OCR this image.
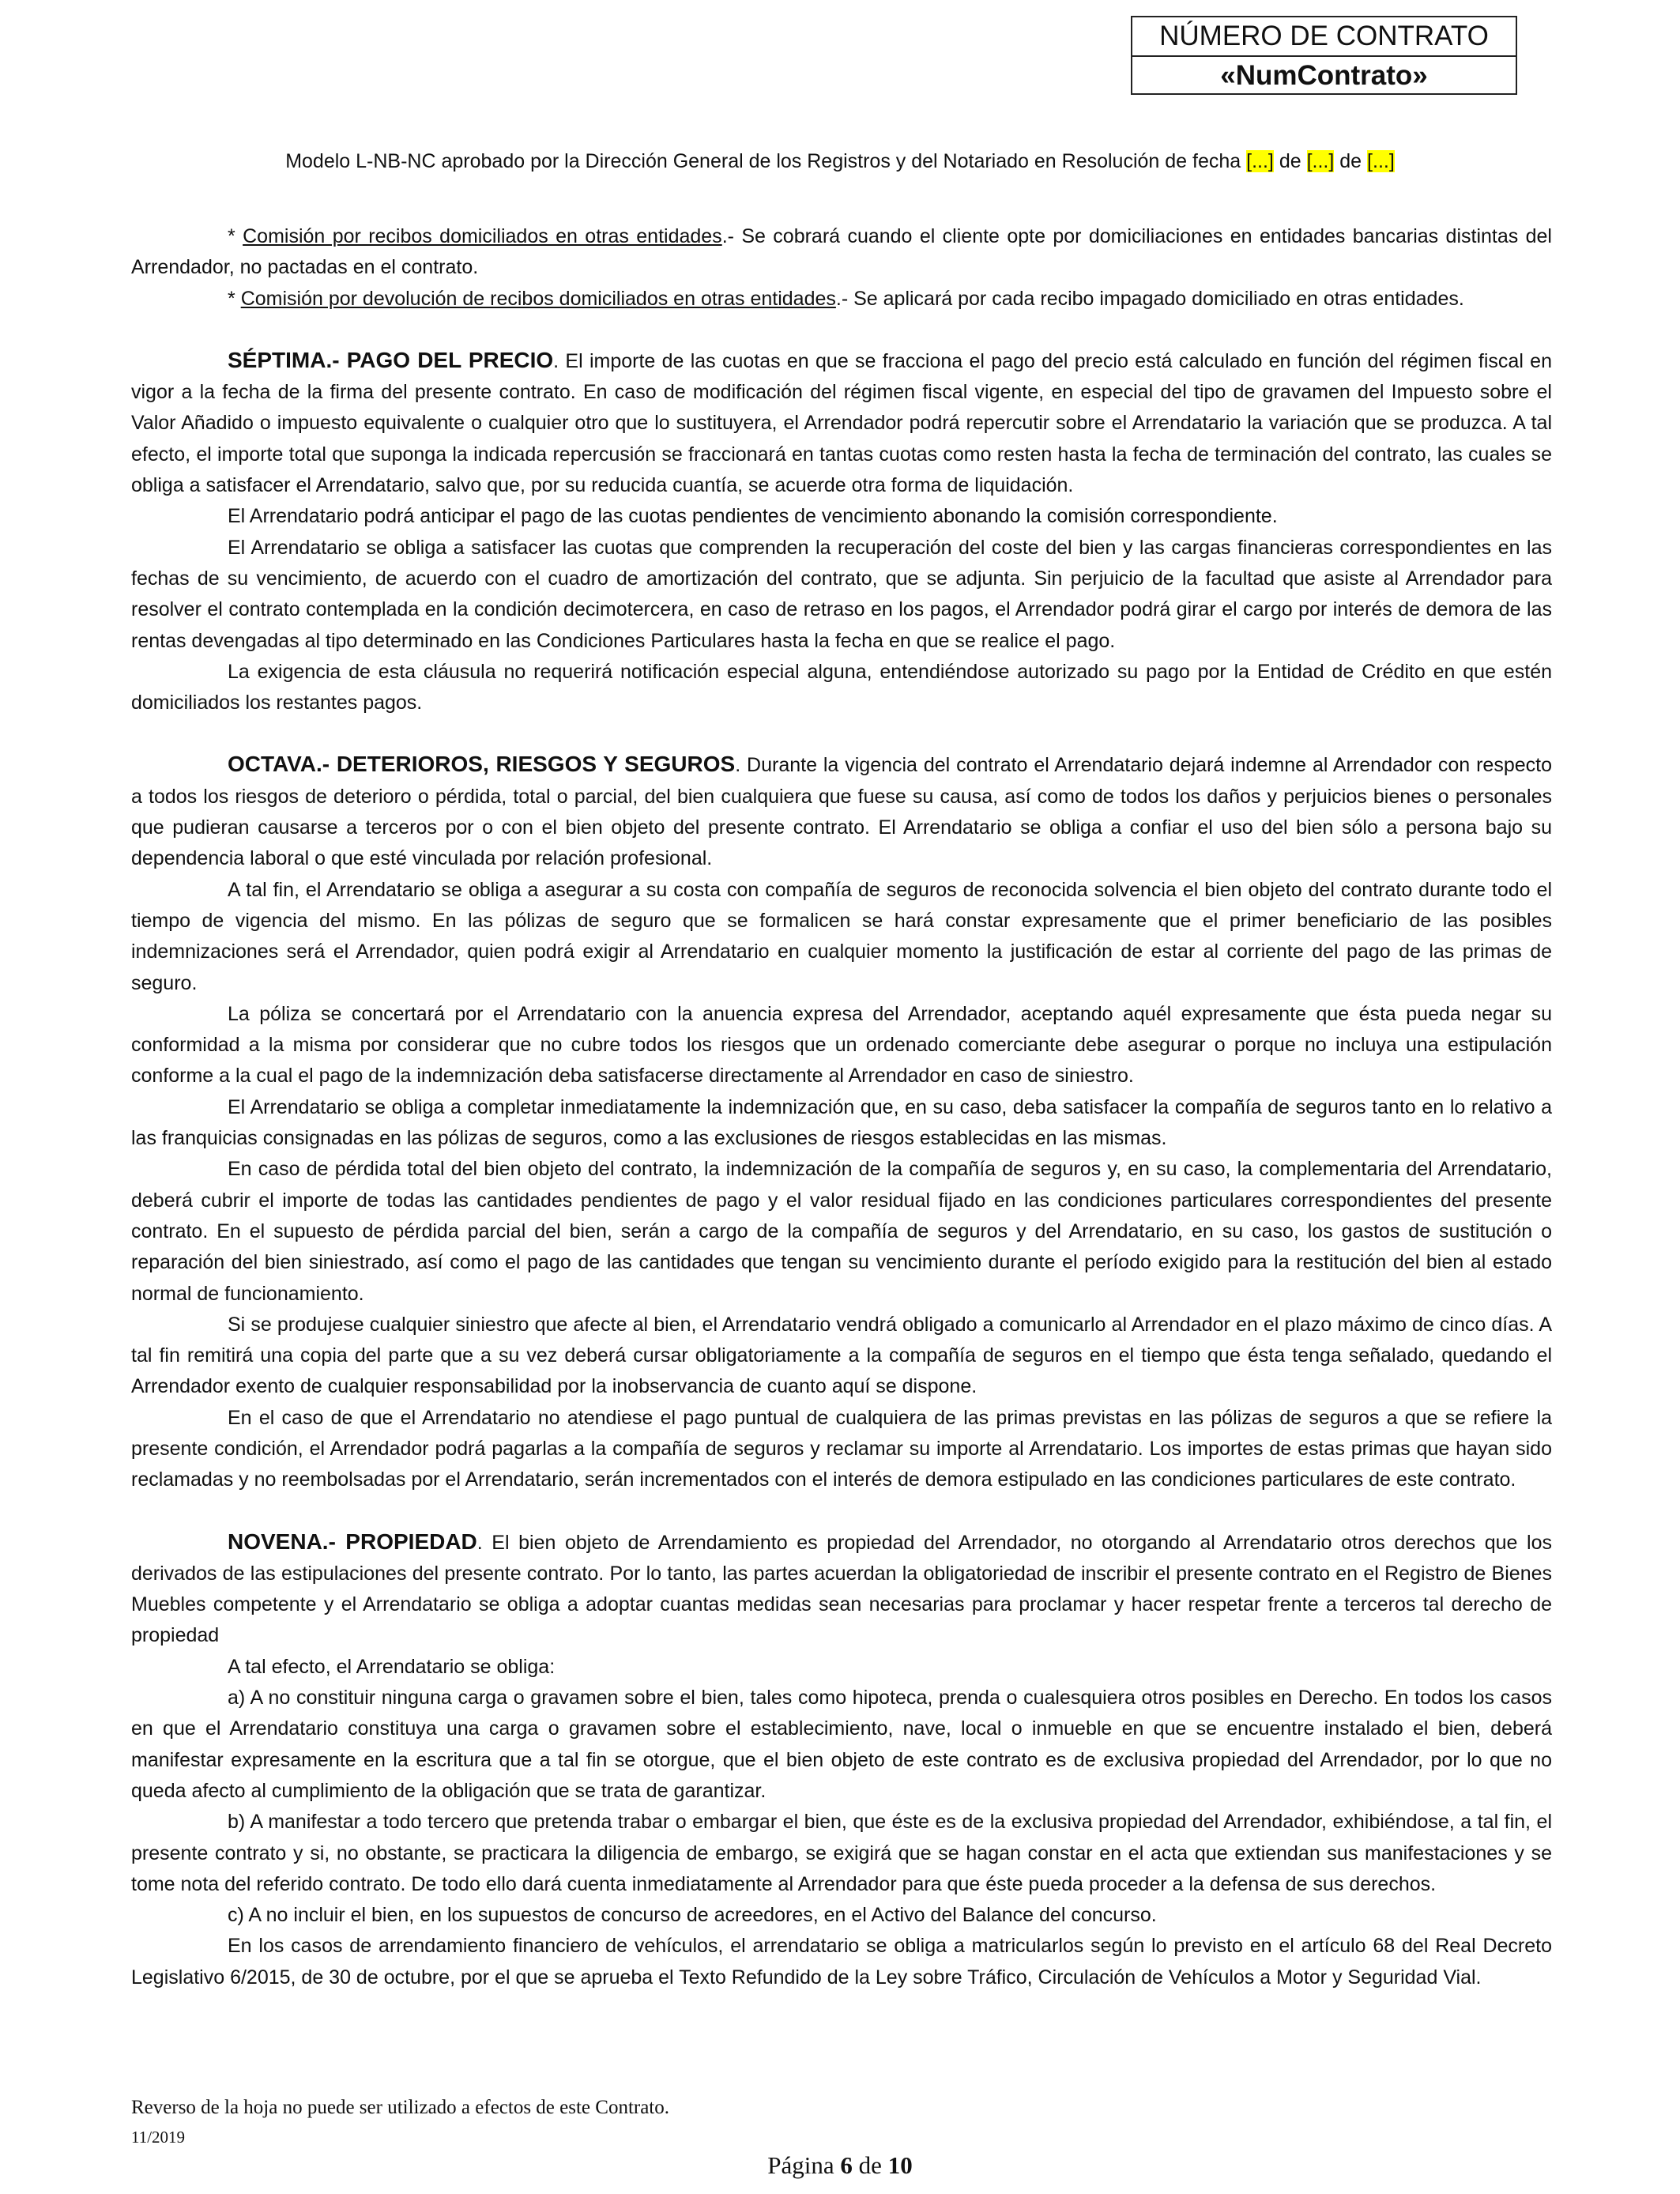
NÚMERO DE CONTRATO
«NumContrato»
Modelo L-NB-NC aprobado por la Dirección General de los Registros y del Notariado en Resolución de fecha [...] de [...] de [...]

* Comisión por recibos domiciliados en otras entidades.- Se cobrará cuando el cliente opte por domiciliaciones en entidades bancarias distintas del Arrendador, no pactadas en el contrato.

* Comisión por devolución de recibos domiciliados en otras entidades.- Se aplicará por cada recibo impagado domiciliado en otras entidades.

SÉPTIMA.- PAGO DEL PRECIO. El importe de las cuotas en que se fracciona el pago del precio está calculado en función del régimen fiscal en vigor a la fecha de la firma del presente contrato. En caso de modificación del régimen fiscal vigente, en especial del tipo de gravamen del Impuesto sobre el Valor Añadido o impuesto equivalente o cualquier otro que lo sustituyera, el Arrendador podrá repercutir sobre el Arrendatario la variación que se produzca. A tal efecto, el importe total que suponga la indicada repercusión se fraccionará en tantas cuotas como resten hasta la fecha de terminación del contrato, las cuales se obliga a satisfacer el Arrendatario, salvo que, por su reducida cuantía, se acuerde otra forma de liquidación.

El Arrendatario podrá anticipar el pago de las cuotas pendientes de vencimiento abonando la comisión correspondiente.

El Arrendatario se obliga a satisfacer las cuotas que comprenden la recuperación del coste del bien y las cargas financieras correspondientes en las fechas de su vencimiento, de acuerdo con el cuadro de amortización del contrato, que se adjunta. Sin perjuicio de la facultad que asiste al Arrendador para resolver el contrato contemplada en la condición decimotercera, en caso de retraso en los pagos, el Arrendador podrá girar el cargo por interés de demora de las rentas devengadas al tipo determinado en las Condiciones Particulares hasta la fecha en que se realice el pago.

La exigencia de esta cláusula no requerirá notificación especial alguna, entendiéndose autorizado su pago por la Entidad de Crédito en que estén domiciliados los restantes pagos.

OCTAVA.- DETERIOROS, RIESGOS Y SEGUROS. Durante la vigencia del contrato el Arrendatario dejará indemne al Arrendador con respecto a todos los riesgos de deterioro o pérdida, total o parcial, del bien cualquiera que fuese su causa, así como de todos los daños y perjuicios bienes o personales que pudieran causarse a terceros por o con el bien objeto del presente contrato. El Arrendatario se obliga a confiar el uso del bien sólo a persona bajo su dependencia laboral o que esté vinculada por relación profesional.

A tal fin, el Arrendatario se obliga a asegurar a su costa con compañía de seguros de reconocida solvencia el bien objeto del contrato durante todo el tiempo de vigencia del mismo. En las pólizas de seguro que se formalicen se hará constar expresamente que el primer beneficiario de las posibles indemnizaciones será el Arrendador, quien podrá exigir al Arrendatario en cualquier momento la justificación de estar al corriente del pago de las primas de seguro.

La póliza se concertará por el Arrendatario con la anuencia expresa del Arrendador, aceptando aquél expresamente que ésta pueda negar su conformidad a la misma por considerar que no cubre todos los riesgos que un ordenado comerciante debe asegurar o porque no incluya una estipulación conforme a la cual el pago de la indemnización deba satisfacerse directamente al Arrendador en caso de siniestro.

El Arrendatario se obliga a completar inmediatamente la indemnización que, en su caso, deba satisfacer la compañía de seguros tanto en lo relativo a las franquicias consignadas en las pólizas de seguros, como a las exclusiones de riesgos establecidas en las mismas.

En caso de pérdida total del bien objeto del contrato, la indemnización de la compañía de seguros y, en su caso, la complementaria del Arrendatario, deberá cubrir el importe de todas las cantidades pendientes de pago y el valor residual fijado en las condiciones particulares correspondientes del presente contrato. En el supuesto de pérdida parcial del bien, serán a cargo de la compañía de seguros y del Arrendatario, en su caso, los gastos de sustitución o reparación del bien siniestrado, así como el pago de las cantidades que tengan su vencimiento durante el período exigido para la restitución del bien al estado normal de funcionamiento.

Si se produjese cualquier siniestro que afecte al bien, el Arrendatario vendrá obligado a comunicarlo al Arrendador en el plazo máximo de cinco días. A tal fin remitirá una copia del parte que a su vez deberá cursar obligatoriamente a la compañía de seguros en el tiempo que ésta tenga señalado, quedando el Arrendador exento de cualquier responsabilidad por la inobservancia de cuanto aquí se dispone.

En el caso de que el Arrendatario no atendiese el pago puntual de cualquiera de las primas previstas en las pólizas de seguros a que se refiere la presente condición, el Arrendador podrá pagarlas a la compañía de seguros y reclamar su importe al Arrendatario. Los importes de estas primas que hayan sido reclamadas y no reembolsadas por el Arrendatario, serán incrementados con el interés de demora estipulado en las condiciones particulares de este contrato.

NOVENA.- PROPIEDAD. El bien objeto de Arrendamiento es propiedad del Arrendador, no otorgando al Arrendatario otros derechos que los derivados de las estipulaciones del presente contrato. Por lo tanto, las partes acuerdan la obligatoriedad de inscribir el presente contrato en el Registro de Bienes Muebles competente y el Arrendatario se obliga a adoptar cuantas medidas sean necesarias para proclamar y hacer respetar frente a terceros tal derecho de propiedad

A tal efecto, el Arrendatario se obliga:

a) A no constituir ninguna carga o gravamen sobre el bien, tales como hipoteca, prenda o cualesquiera otros posibles en Derecho. En todos los casos en que el Arrendatario constituya una carga o gravamen sobre el establecimiento, nave, local o inmueble en que se encuentre instalado el bien, deberá manifestar expresamente en la escritura que a tal fin se otorgue, que el bien objeto de este contrato es de exclusiva propiedad del Arrendador, por lo que no queda afecto al cumplimiento de la obligación que se trata de garantizar.

b) A manifestar a todo tercero que pretenda trabar o embargar el bien, que éste es de la exclusiva propiedad del Arrendador, exhibiéndose, a tal fin, el presente contrato y si, no obstante, se practicara la diligencia de embargo, se exigirá que se hagan constar en el acta que extiendan sus manifestaciones y se tome nota del referido contrato. De todo ello dará cuenta inmediatamente al Arrendador para que éste pueda proceder a la defensa de sus derechos.

c) A no incluir el bien, en los supuestos de concurso de acreedores, en el Activo del Balance del concurso.

En los casos de arrendamiento financiero de vehículos, el arrendatario se obliga a matricularlos según lo previsto en el artículo 68 del Real Decreto Legislativo 6/2015, de 30 de octubre, por el que se aprueba el Texto Refundido de la Ley sobre Tráfico, Circulación de Vehículos a Motor y Seguridad Vial.

Reverso de la hoja no puede ser utilizado a efectos de este Contrato.
11/2019
Página 6 de 10
